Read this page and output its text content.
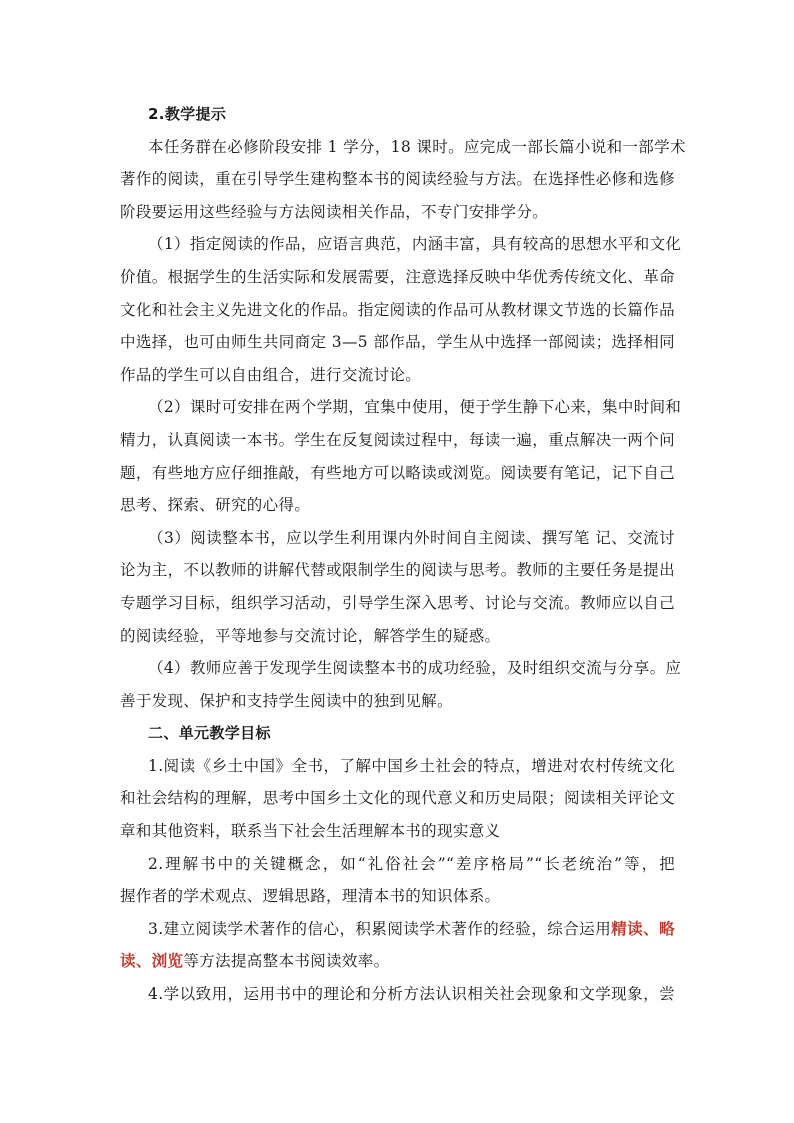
2.教学提示
本任务群在必修阶段安排 1 学分，18 课时。应完成一部长篇小说和一部学术
著作的阅读，重在引导学生建构整本书的阅读经验与方法。在选择性必修和选修
阶段要运用这些经验与方法阅读相关作品，不专门安排学分。
（1）指定阅读的作品，应语言典范，内涵丰富，具有较高的思想水平和文化
价值。根据学生的生活实际和发展需要，注意选择反映中华优秀传统文化、革命
文化和社会主义先进文化的作品。指定阅读的作品可从教材课文节选的长篇作品
中选择，也可由师生共同商定 3—5 部作品，学生从中选择一部阅读；选择相同
作品的学生可以自由组合，进行交流讨论。
（2）课时可安排在两个学期，宜集中使用，便于学生静下心来，集中时间和
精力，认真阅读一本书。学生在反复阅读过程中，每读一遍，重点解决一两个问
题，有些地方应仔细推敲，有些地方可以略读或浏览。阅读要有笔记，记下自己
思考、探索、研究的心得。
（3）阅读整本书，应以学生利用课内外时间自主阅读、撰写笔 记、交流讨
论为主，不以教师的讲解代替或限制学生的阅读与思考。教师的主要任务是提出
专题学习目标，组织学习活动，引导学生深入思考、讨论与交流。教师应以自己
的阅读经验，平等地参与交流讨论，解答学生的疑惑。
（4）教师应善于发现学生阅读整本书的成功经验，及时组织交流与分享。应
善于发现、保护和支持学生阅读中的独到见解。
二、单元教学目标
1.阅读《乡土中国》全书，了解中国乡土社会的特点，增进对农村传统文化
和社会结构的理解，思考中国乡土文化的现代意义和历史局限；阅读相关评论文
章和其他资料，联系当下社会生活理解本书的现实意义
2.理解书中的关键概念，如“礼俗社会”“差序格局”“长老统治”等，把
握作者的学术观点、逻辑思路，理清本书的知识体系。
3.建立阅读学术著作的信心，积累阅读学术著作的经验，综合运用精读、略
读、浏览等方法提高整本书阅读效率。
4.学以致用，运用书中的理论和分析方法认识相关社会现象和文学现象，尝
